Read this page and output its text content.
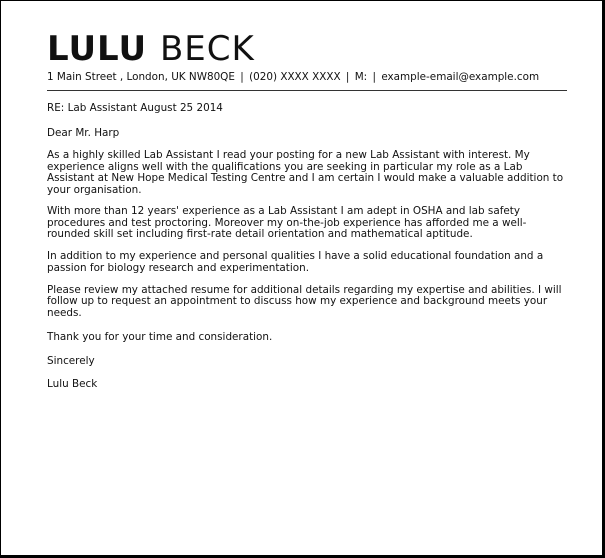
LULU BECK
1 Main Street , London, UK NW80QE | (020) XXXX XXXX | M: | example-email@example.com
RE: Lab Assistant August 25 2014
Dear Mr. Harp

As a highly skilled Lab Assistant I read your posting for a new Lab Assistant with interest. My experience aligns well with the qualifications you are seeking in particular my role as a Lab Assistant at New Hope Medical Testing Centre and I am certain I would make a valuable addition to your organisation.

With more than 12 years' experience as a Lab Assistant I am adept in OSHA and lab safety procedures and test proctoring. Moreover my on-the-job experience has afforded me a well-rounded skill set including first-rate detail orientation and mathematical aptitude.

In addition to my experience and personal qualities I have a solid educational foundation and a passion for biology research and experimentation.

Please review my attached resume for additional details regarding my expertise and abilities. I will follow up to request an appointment to discuss how my experience and background meets your needs.

Thank you for your time and consideration.
Sincerely
Lulu Beck
